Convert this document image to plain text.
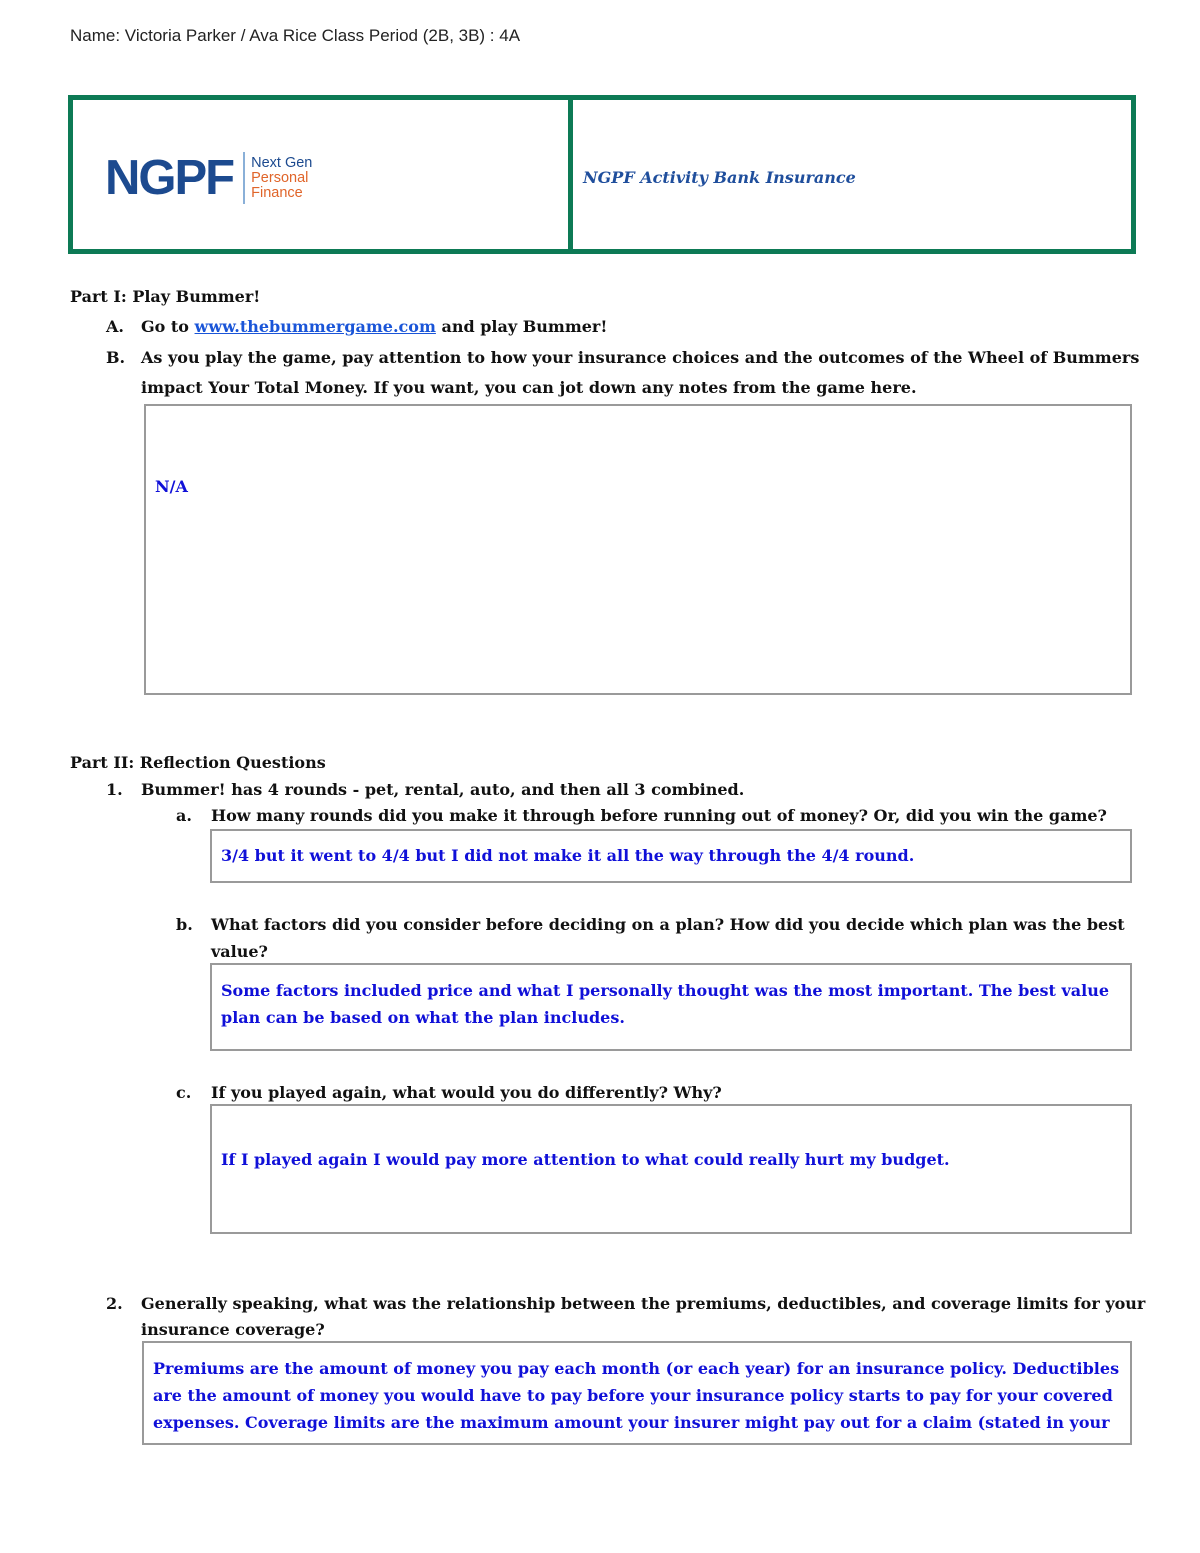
Name: Victoria Parker / Ava Rice Class Period (2B, 3B) : 4A
NGPF Next Gen
Personal
Finance
NGPF Activity Bank Insurance
Part I: Play Bummer!
A. Go to www.thebummergame.com and play Bummer!
B. As you play the game, pay attention to how your insurance choices and the outcomes of the Wheel of Bummers
impact Your Total Money. If you want, you can jot down any notes from the game here.
N/A
Part II: Reflection Questions
1. Bummer! has 4 rounds - pet, rental, auto, and then all 3 combined.
a. How many rounds did you make it through before running out of money? Or, did you win the game?
3/4 but it went to 4/4 but I did not make it all the way through the 4/4 round.
b. What factors did you consider before deciding on a plan? How did you decide which plan was the best
value?
Some factors included price and what I personally thought was the most important. The best value
plan can be based on what the plan includes.
c. If you played again, what would you do differently? Why?
If I played again I would pay more attention to what could really hurt my budget.
2. Generally speaking, what was the relationship between the premiums, deductibles, and coverage limits for your
insurance coverage?
Premiums are the amount of money you pay each month (or each year) for an insurance policy. Deductibles
are the amount of money you would have to pay before your insurance policy starts to pay for your covered
expenses. Coverage limits are the maximum amount your insurer might pay out for a claim (stated in your
